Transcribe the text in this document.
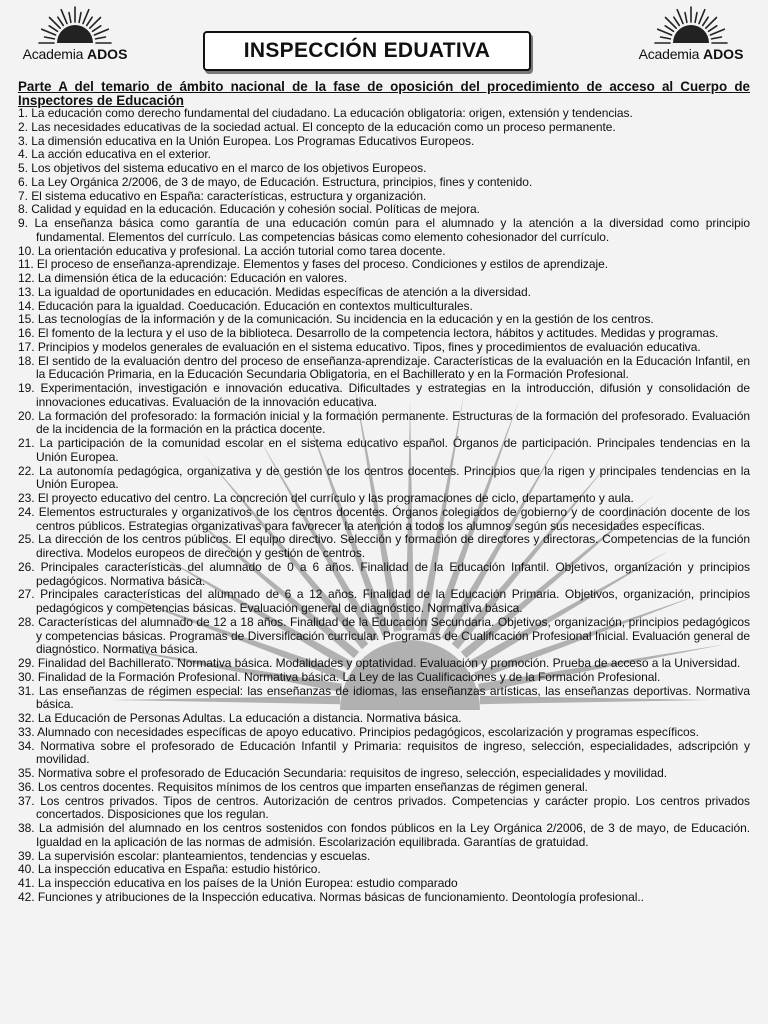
Academia ADOS	INSPECCIÓN EDUATIVA	Academia ADOS
Parte A del temario de ámbito nacional de la fase de oposición del procedimiento de acceso al Cuerpo de Inspectores de Educación
1. La educación como derecho fundamental del ciudadano. La educación obligatoria: origen, extensión y tendencias.
2. Las necesidades educativas de la sociedad actual. El concepto de la educación como un proceso permanente.
3. La dimensión educativa en la Unión Europea. Los Programas Educativos Europeos.
4. La acción educativa en el exterior.
5. Los objetivos del sistema educativo en el marco de los objetivos Europeos.
6. La Ley Orgánica 2/2006, de 3 de mayo, de Educación. Estructura, principios, fines y contenido.
7. El sistema educativo en España: características, estructura y organización.
8. Calidad y equidad en la educación. Educación y cohesión social. Políticas de mejora.
9. La enseñanza básica como garantía de una educación común para el alumnado y la atención a la diversidad como principio fundamental. Elementos del currículo. Las competencias básicas como elemento cohesionador del currículo.
10. La orientación educativa y profesional. La acción tutorial como tarea docente.
11. El proceso de enseñanza-aprendizaje. Elementos y fases del proceso. Condiciones y estilos de aprendizaje.
12. La dimensión ética de la educación: Educación en valores.
13. La igualdad de oportunidades en educación. Medidas específicas de atención a la diversidad.
14. Educación para la igualdad. Coeducación. Educación en contextos multiculturales.
15. Las tecnologías de la información y de la comunicación. Su incidencia en la educación y en la gestión de los centros.
16. El fomento de la lectura y el uso de la biblioteca. Desarrollo de la competencia lectora, hábitos y actitudes. Medidas y programas.
17. Principios y modelos generales de evaluación en el sistema educativo. Tipos, fines y procedimientos de evaluación educativa.
18. El sentido de la evaluación dentro del proceso de enseñanza-aprendizaje. Características de la evaluación en la Educación Infantil, en la Educación Primaria, en la Educación Secundaria Obligatoria, en el Bachillerato y en la Formación Profesional.
19. Experimentación, investigación e innovación educativa. Dificultades y estrategias en la introducción, difusión y consolidación de innovaciones educativas. Evaluación de la innovación educativa.
20. La formación del profesorado: la formación inicial y la formación permanente. Estructuras de la formación del profesorado. Evaluación de la incidencia de la formación en la práctica docente.
21. La participación de la comunidad escolar en el sistema educativo español. Órganos de participación. Principales tendencias en la Unión Europea.
22. La autonomía pedagógica, organizativa y de gestión de los centros docentes. Principios que la rigen y principales tendencias en la Unión Europea.
23. El proyecto educativo del centro. La concreción del currículo y las programaciones de ciclo, departamento y aula.
24. Elementos estructurales y organizativos de los centros docentes. Órganos colegiados de gobierno y de coordinación docente de los centros públicos. Estrategias organizativas para favorecer la atención a todos los alumnos según sus necesidades específicas.
25. La dirección de los centros públicos. El equipo directivo. Selección y formación de directores y directoras. Competencias de la función directiva. Modelos europeos de dirección y gestión de centros.
26. Principales características del alumnado de 0 a 6 años. Finalidad de la Educación Infantil. Objetivos, organización y principios pedagógicos. Normativa básica.
27. Principales características del alumnado de 6 a 12 años. Finalidad de la Educación Primaria. Objetivos, organización, principios pedagógicos y competencias básicas. Evaluación general de diagnóstico. Normativa básica.
28. Características del alumnado de 12 a 18 años. Finalidad de la Educación Secundaria. Objetivos, organización, principios pedagógicos y competencias básicas. Programas de Diversificación curricular. Programas de Cualificación Profesional Inicial. Evaluación general de diagnóstico. Normativa básica.
29. Finalidad del Bachillerato. Normativa básica. Modalidades y optatividad. Evaluación y promoción. Prueba de acceso a la Universidad.
30. Finalidad de la Formación Profesional. Normativa básica. La Ley de las Cualificaciones y de la Formación Profesional.
31. Las enseñanzas de régimen especial: las enseñanzas de idiomas, las enseñanzas artísticas, las enseñanzas deportivas. Normativa básica.
32. La Educación de Personas Adultas. La educación a distancia. Normativa básica.
33. Alumnado con necesidades específicas de apoyo educativo. Principios pedagógicos, escolarización y programas específicos.
34. Normativa sobre el profesorado de Educación Infantil y Primaria: requisitos de ingreso, selección, especialidades, adscripción y movilidad.
35. Normativa sobre el profesorado de Educación Secundaria: requisitos de ingreso, selección, especialidades y movilidad.
36. Los centros docentes. Requisitos mínimos de los centros que imparten enseñanzas de régimen general.
37. Los centros privados. Tipos de centros. Autorización de centros privados. Competencias y carácter propio. Los centros privados concertados. Disposiciones que los regulan.
38. La admisión del alumnado en los centros sostenidos con fondos públicos en la Ley Orgánica 2/2006, de 3 de mayo, de Educación. Igualdad en la aplicación de las normas de admisión. Escolarización equilibrada. Garantías de gratuidad.
39. La supervisión escolar: planteamientos, tendencias y escuelas.
40. La inspección educativa en España: estudio histórico.
41. La inspección educativa en los países de la Unión Europea: estudio comparado
42. Funciones y atribuciones de la Inspección educativa. Normas básicas de funcionamiento. Deontología profesional..
